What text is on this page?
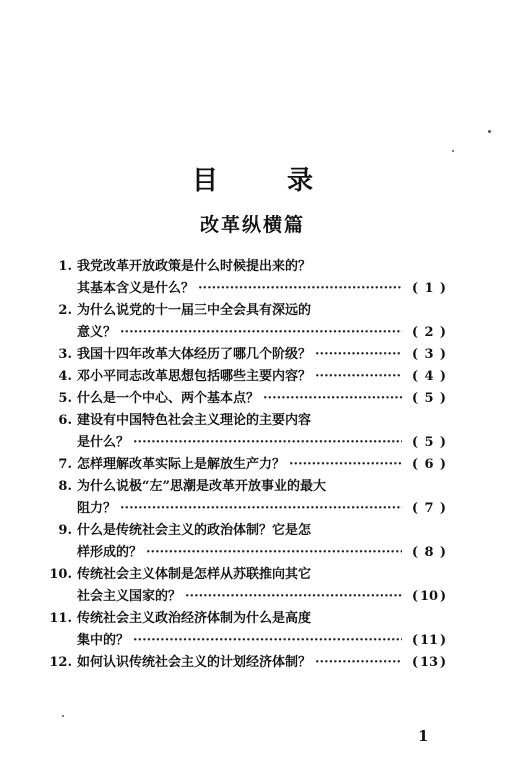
目 录
改革纵横篇
1. 我党改革开放政策是什么时候提出来的？
其基本含义是什么？ ·····	( 1 )
2. 为什么说党的十一届三中全会具有深远的
意义？ ·····	( 2 )
3. 我国十四年改革大体经历了哪几个阶级？ ·····	( 3 )
4. 邓小平同志改革思想包括哪些主要内容？ ·····	( 4 )
5. 什么是一个中心、两个基本点？ ·····	( 5 )
6. 建设有中国特色社会主义理论的主要内容
是什么？ ·····	( 5 )
7. 怎样理解改革实际上是解放生产力？ ·····	( 6 )
8. 为什么说极“左”思潮是改革开放事业的最大
阻力？ ·····	( 7 )
9. 什么是传统社会主义的政治体制？它是怎
样形成的？ ·····	( 8 )
10. 传统社会主义体制是怎样从苏联推向其它
社会主义国家的？ ·····	( 10 )
11. 传统社会主义政治经济体制为什么是高度
集中的？ ·····	( 11 )
12. 如何认识传统社会主义的计划经济体制？ ·····	( 13 )
1
